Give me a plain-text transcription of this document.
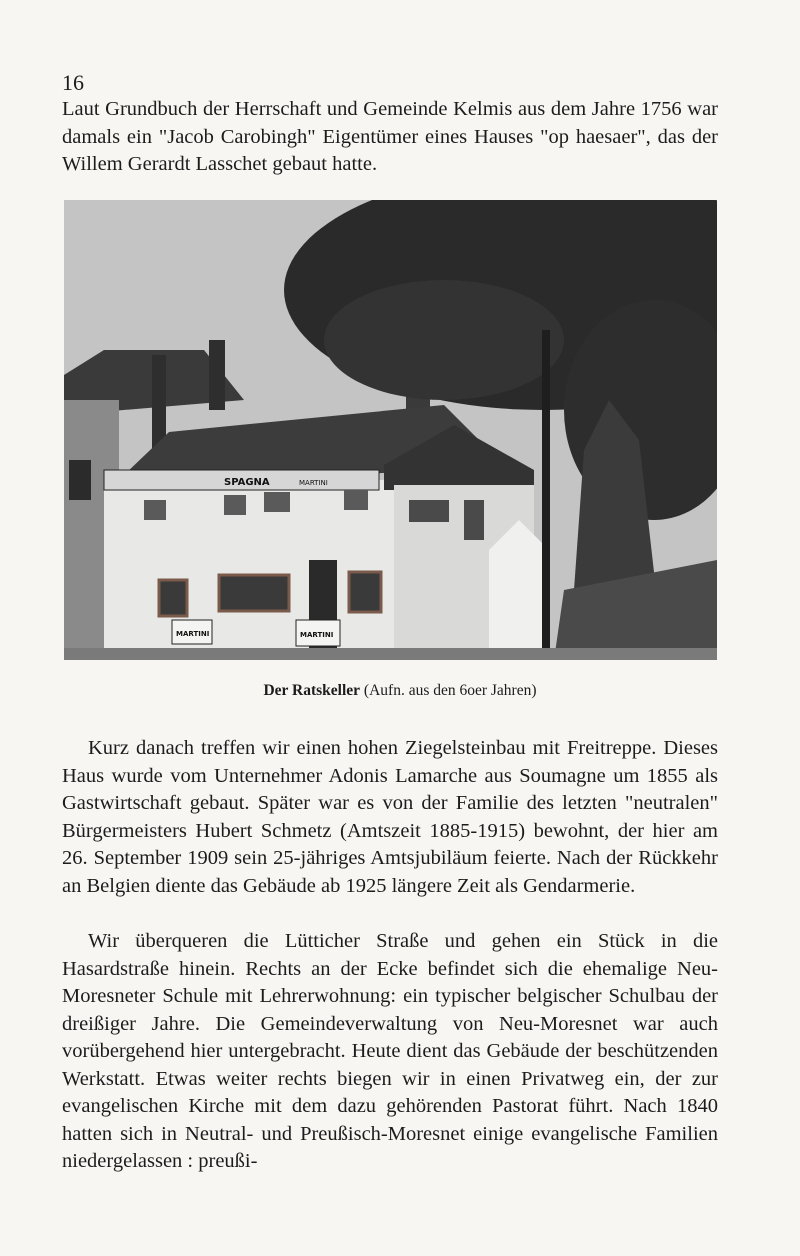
16

Laut Grundbuch der Herrschaft und Gemeinde Kelmis aus dem Jahre 1756 war damals ein "Jacob Carobingh" Eigentümer eines Hauses "op haesaer", das der Willem Gerardt Lasschet gebaut hatte.

SPAGNA	MARTINI
MARTINI	MARTINI
Der Ratskeller (Aufn. aus den 6oer Jahren)

Kurz danach treffen wir einen hohen Ziegelsteinbau mit Freitreppe. Dieses Haus wurde vom Unternehmer Adonis Lamarche aus Soumagne um 1855 als Gastwirtschaft gebaut. Später war es von der Familie des letzten "neutralen" Bürgermeisters Hubert Schmetz (Amtszeit 1885-1915) bewohnt, der hier am 26. September 1909 sein 25-jähriges Amtsjubiläum feierte. Nach der Rückkehr an Belgien diente das Gebäude ab 1925 längere Zeit als Gendarmerie.

Wir überqueren die Lütticher Straße und gehen ein Stück in die Hasardstraße hinein. Rechts an der Ecke befindet sich die ehemalige Neu-Moresneter Schule mit Lehrerwohnung: ein typischer belgischer Schulbau der dreißiger Jahre. Die Gemeindeverwaltung von Neu-Moresnet war auch vorübergehend hier untergebracht. Heute dient das Gebäude der beschützenden Werkstatt. Etwas weiter rechts biegen wir in einen Privatweg ein, der zur evangelischen Kirche mit dem dazu gehörenden Pastorat führt. Nach 1840 hatten sich in Neutral- und Preußisch-Moresnet einige evangelische Familien niedergelassen : preußi-
